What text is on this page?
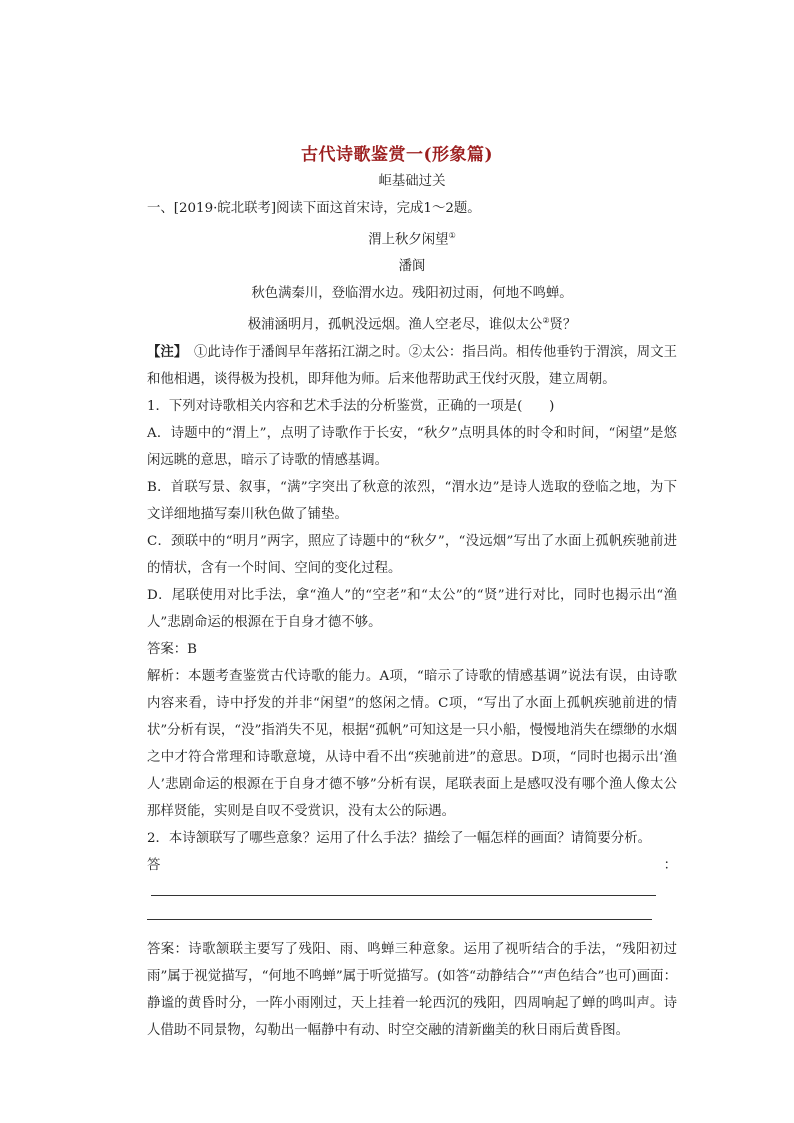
古代诗歌鉴赏一(形象篇)

​岠基础过关

一、[2019·皖北联考]阅读下面这首宋诗，完成1～2题。

渭上秋夕闲望①

潘阆

秋色满秦川，登临渭水边。残阳初过雨，何地不鸣蝉。

极浦涵明月，孤帆没远烟。渔人空老尽，谁似太公②贤？

【注】　 ①此诗作于潘阆早年落拓江湖之时。②太公：指吕尚。相传他垂钓于渭滨，周文王和他相遇，谈得极为投机，即拜他为师。后来他帮助武王伐纣灭殷，建立周朝。

1．下列对诗歌相关内容和艺术手法的分析鉴赏，正确的一项是(　　)

A．诗题中的“渭上”，点明了诗歌作于长安，“秋夕”点明具体的时令和时间，“闲望”是悠闲远眺的意思，暗示了诗歌的情感基调。

B．首联写景、叙事，“满”字突出了秋意的浓烈，“渭水边”是诗人选取的登临之地，为下文详细地描写秦川秋色做了铺垫。

C．颈联中的“明月”两字，照应了诗题中的“秋夕”，“没远烟”写出了水面上孤帆疾驰前进的情状，含有一个时间、空间的变化过程。

D．尾联使用对比手法，拿“渔人”的“空老”和“太公”的“贤”进行对比，同时也揭示出“渔人”悲剧命运的根源在于自身才德不够。

答案：B

解析：本题考查鉴赏古代诗歌的能力。A项，“暗示了诗歌的情感基调”说法有误，由诗歌内容来看，诗中抒发的并非“闲望”的悠闲之情。C项，“写出了水面上孤帆疾驰前进的情状”分析有误，“没”指消失不见，根据“孤帆”可知这是一只小船，慢慢地消失在缥缈的水烟之中才符合常理和诗歌意境，从诗中看不出“疾驰前进”的意思。D项，“同时也揭示出‘渔人’悲剧命运的根源在于自身才德不够”分析有误，尾联表面上是感叹没有哪个渔人像太公那样贤能，实则是自叹不受赏识，没有太公的际遇。

2．本诗颔联写了哪些意象？运用了什么手法？描绘了一幅怎样的画面？请简要分析。

答：

答案：诗歌颔联主要写了残阳、雨、鸣蝉三种意象。运用了视听结合的手法，“残阳初过雨”属于视觉描写，“何地不鸣蝉”属于听觉描写。(如答“动静结合”“声色结合”也可)画面：静谧的黄昏时分，一阵小雨刚过，天上挂着一轮西沉的残阳，四周响起了蝉的鸣叫声。诗人借助不同景物，勾勒出一幅静中有动、时空交融的清新幽美的秋日雨后黄昏图。
